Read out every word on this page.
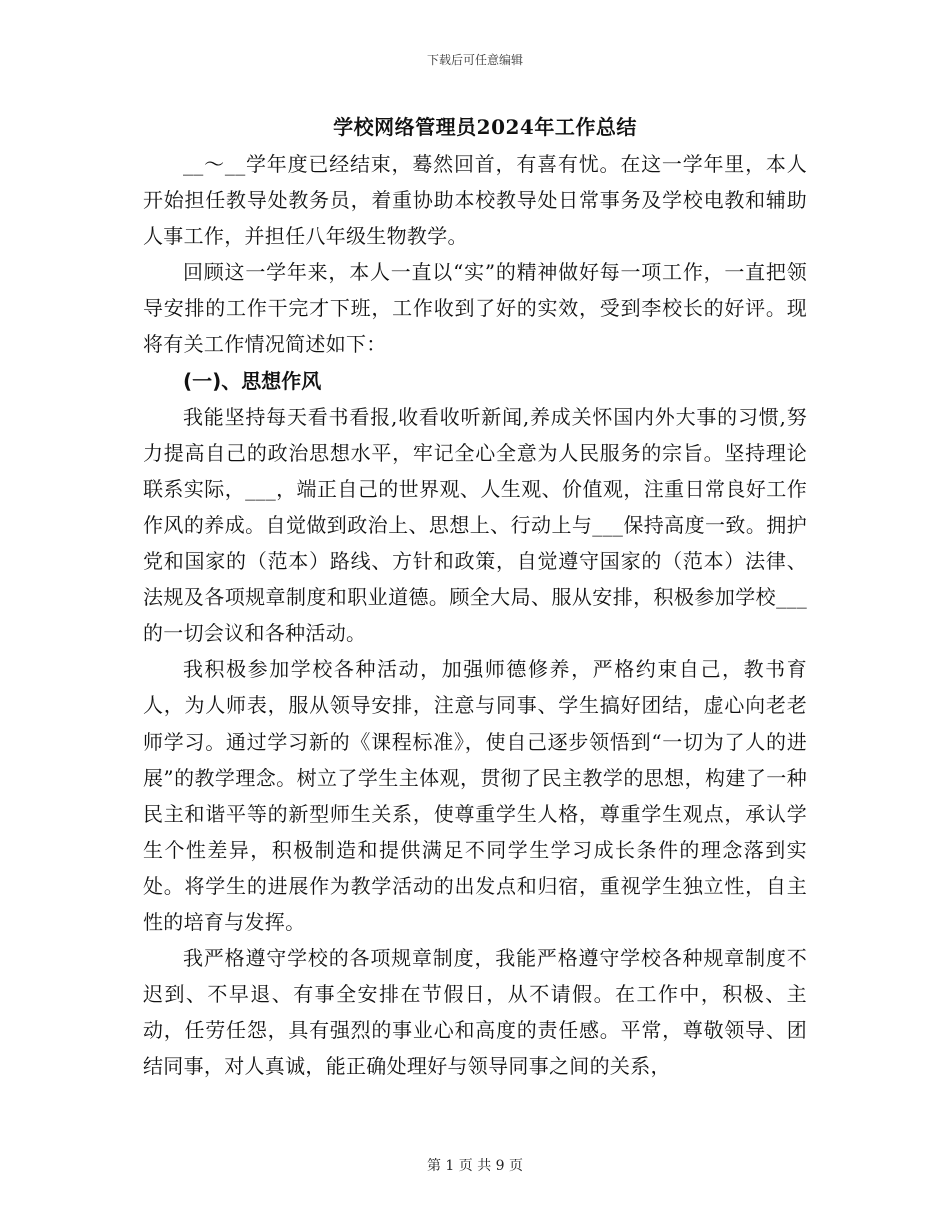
下载后可任意编辑
学校网络管理员2024年工作总结

__～__学年度已经结束，蓦然回首，有喜有忧。在这一学年里，本人开始担任教导处教务员，着重协助本校教导处日常事务及学校电教和辅助人事工作，并担任八年级生物教学。

回顾这一学年来，本人一直以“实”的精神做好每一项工作，一直把领导安排的工作干完才下班，工作收到了好的实效，受到李校长的好评。现将有关工作情况简述如下：

(一)、思想作风

我能坚持每天看书看报,收看收听新闻,养成关怀国内外大事的习惯,努力提高自己的政治思想水平，牢记全心全意为人民服务的宗旨。坚持理论联系实际，___，端正自己的世界观、人生观、价值观，注重日常良好工作作风的养成。自觉做到政治上、思想上、行动上与___保持高度一致。拥护党和国家的（范本）路线、方针和政策，自觉遵守国家的（范本）法律、法规及各项规章制度和职业道德。顾全大局、服从安排，积极参加学校___的一切会议和各种活动。

我积极参加学校各种活动，加强师德修养，严格约束自己，教书育人，为人师表，服从领导安排，注意与同事、学生搞好团结，虚心向老老师学习。通过学习新的《课程标准》，使自己逐步领悟到“一切为了人的进展”的教学理念。树立了学生主体观，贯彻了民主教学的思想，构建了一种民主和谐平等的新型师生关系，使尊重学生人格，尊重学生观点，承认学生个性差异，积极制造和提供满足不同学生学习成长条件的理念落到实处。将学生的进展作为教学活动的出发点和归宿，重视学生独立性，自主性的培育与发挥。

我严格遵守学校的各项规章制度，我能严格遵守学校各种规章制度不迟到、不早退、有事全安排在节假日，从不请假。在工作中，积极、主动，任劳任怨，具有强烈的事业心和高度的责任感。平常，尊敬领导、团结同事，对人真诚，能正确处理好与领导同事之间的关系，

第 1 页 共 9 页
